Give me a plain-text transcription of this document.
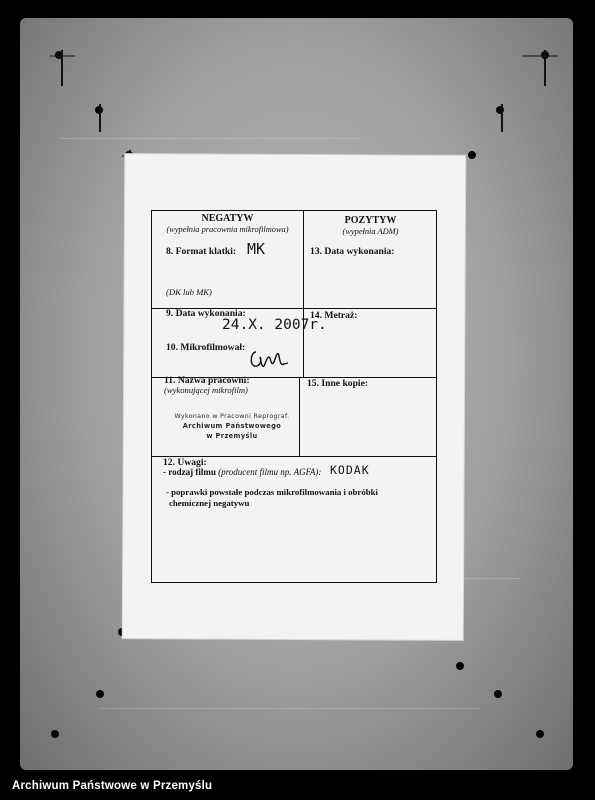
NEGATYW
(wypełnia pracownia mikrofilmowa)
POZYTYW
(wypełnia ADM)
8. Format klatki: MK
(DK lub MK)
13. Data wykonania:
9. Data wykonania:
24.X. 2007r.
10. Mikrofilmował:
14. Metraż:
11. Nazwa pracowni:
(wykonującej mikrofilm)
15. Inne kopie:
12. Uwagi:
- rodzaj filmu (producent filmu np. AGFA): KODAK
- poprawki powstałe podczas mikrofilmowania i obróbki
chemicznej negatywu
Wykonano w Pracowni Reprograf.
Archiwum Państwowego
w Przemyślu
Archiwum Państwowe w Przemyślu
